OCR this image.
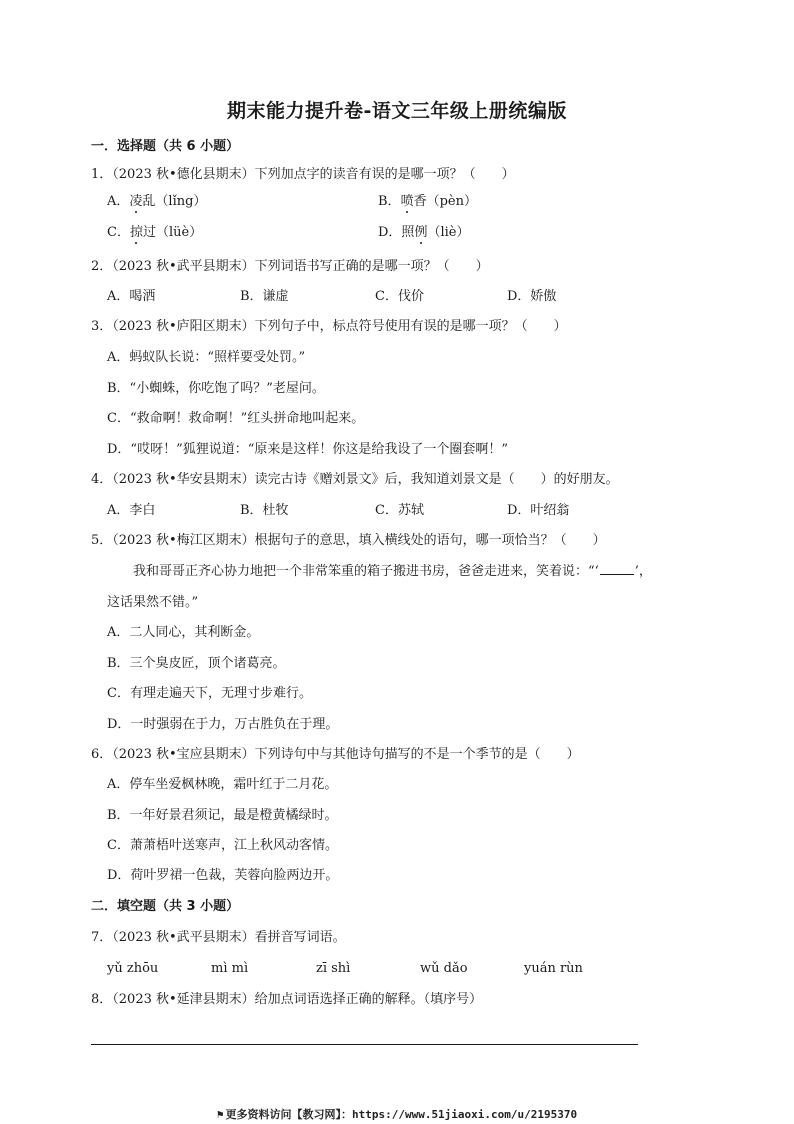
期末能力提升卷-语文三年级上册统编版
一．选择题（共 6 小题）
1．（2023 秋•德化县期末）下列加点字的读音有误的是哪一项？（　　）
A．凌乱（lǐng）	B．喷香（pèn）
C．掠过（lüè）	D．照例（liè）
2．（2023 秋•武平县期末）下列词语书写正确的是哪一项？（　　）
A．喝洒	B．谦虚	C．伐价	D．娇傲
3．（2023 秋•庐阳区期末）下列句子中，标点符号使用有误的是哪一项？（　　）
A．蚂蚁队长说：“照样要受处罚。”
B．“小蜘蛛，你吃饱了吗？”老屋问。
C．“救命啊！救命啊！”红头拼命地叫起来。
D．“哎呀！”狐狸说道：“原来是这样！你这是给我设了一个圈套啊！”
4．（2023 秋•华安县期末）读完古诗《赠刘景文》后，我知道刘景文是（　　）的好朋友。
A．李白	B．杜牧	C．苏轼	D．叶绍翁
5．（2023 秋•梅江区期末）根据句子的意思，填入横线处的语句，哪一项恰当？（　　）
我和哥哥正齐心协力地把一个非常笨重的箱子搬进书房，爸爸走进来，笑着说：“‘	’，
这话果然不错。”
A．二人同心，其利断金。
B．三个臭皮匠，顶个诸葛亮。
C．有理走遍天下，无理寸步难行。
D．一时强弱在于力，万古胜负在于理。
6．（2023 秋•宝应县期末）下列诗句中与其他诗句描写的不是一个季节的是（　　）
A．停车坐爱枫林晚，霜叶红于二月花。
B．一年好景君须记，最是橙黄橘绿时。
C．萧萧梧叶送寒声，江上秋风动客情。
D．荷叶罗裙一色裁，芙蓉向脸两边开。
二．填空题（共 3 小题）
7．（2023 秋•武平县期末）看拼音写词语。
yǔ zhōu	mì mì	zī shì	wǔ dǎo	yuán rùn
8．（2023 秋•延津县期末）给加点词语选择正确的解释。（填序号）
⚑ 更多资料访问【教习网】：https://www.51jiaoxi.com/u/2195370
